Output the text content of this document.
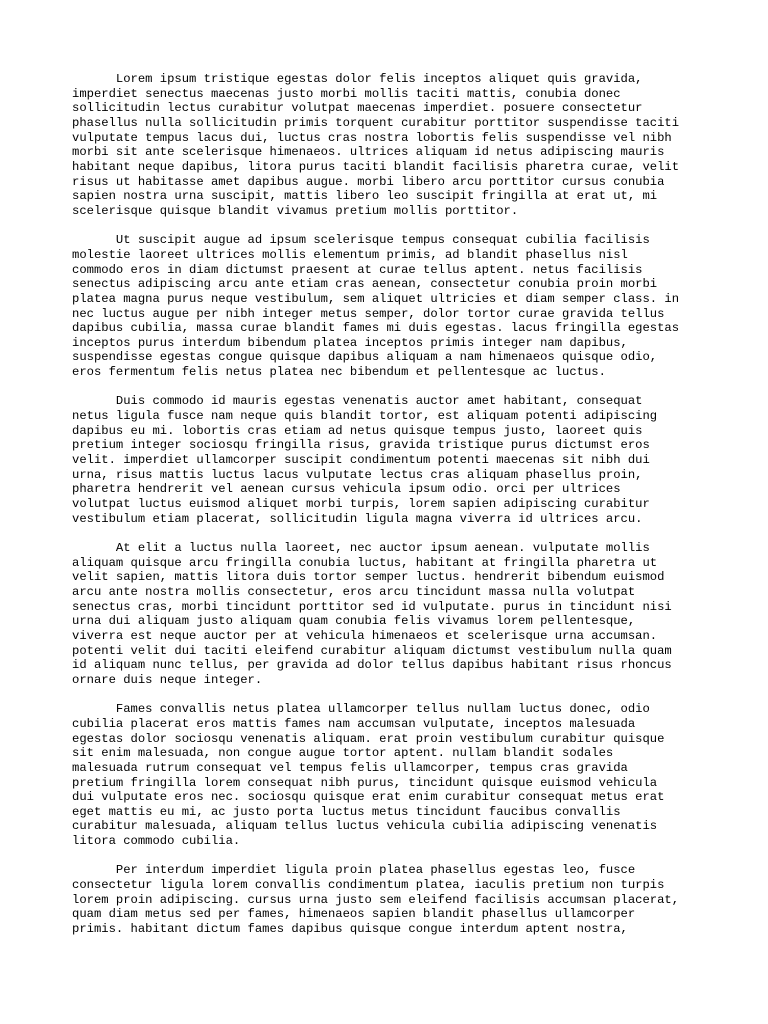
Lorem ipsum tristique egestas dolor felis inceptos aliquet quis gravida,
imperdiet senectus maecenas justo morbi mollis taciti mattis, conubia donec
sollicitudin lectus curabitur volutpat maecenas imperdiet. posuere consectetur
phasellus nulla sollicitudin primis torquent curabitur porttitor suspendisse taciti
vulputate tempus lacus dui, luctus cras nostra lobortis felis suspendisse vel nibh
morbi sit ante scelerisque himenaeos. ultrices aliquam id netus adipiscing mauris
habitant neque dapibus, litora purus taciti blandit facilisis pharetra curae, velit
risus ut habitasse amet dapibus augue. morbi libero arcu porttitor cursus conubia
sapien nostra urna suscipit, mattis libero leo suscipit fringilla at erat ut, mi
scelerisque quisque blandit vivamus pretium mollis porttitor.
Ut suscipit augue ad ipsum scelerisque tempus consequat cubilia facilisis
molestie laoreet ultrices mollis elementum primis, ad blandit phasellus nisl
commodo eros in diam dictumst praesent at curae tellus aptent. netus facilisis
senectus adipiscing arcu ante etiam cras aenean, consectetur conubia proin morbi
platea magna purus neque vestibulum, sem aliquet ultricies et diam semper class. in
nec luctus augue per nibh integer metus semper, dolor tortor curae gravida tellus
dapibus cubilia, massa curae blandit fames mi duis egestas. lacus fringilla egestas
inceptos purus interdum bibendum platea inceptos primis integer nam dapibus,
suspendisse egestas congue quisque dapibus aliquam a nam himenaeos quisque odio,
eros fermentum felis netus platea nec bibendum et pellentesque ac luctus.
Duis commodo id mauris egestas venenatis auctor amet habitant, consequat
netus ligula fusce nam neque quis blandit tortor, est aliquam potenti adipiscing
dapibus eu mi. lobortis cras etiam ad netus quisque tempus justo, laoreet quis
pretium integer sociosqu fringilla risus, gravida tristique purus dictumst eros
velit. imperdiet ullamcorper suscipit condimentum potenti maecenas sit nibh dui
urna, risus mattis luctus lacus vulputate lectus cras aliquam phasellus proin,
pharetra hendrerit vel aenean cursus vehicula ipsum odio. orci per ultrices
volutpat luctus euismod aliquet morbi turpis, lorem sapien adipiscing curabitur
vestibulum etiam placerat, sollicitudin ligula magna viverra id ultrices arcu.
At elit a luctus nulla laoreet, nec auctor ipsum aenean. vulputate mollis
aliquam quisque arcu fringilla conubia luctus, habitant at fringilla pharetra ut
velit sapien, mattis litora duis tortor semper luctus. hendrerit bibendum euismod
arcu ante nostra mollis consectetur, eros arcu tincidunt massa nulla volutpat
senectus cras, morbi tincidunt porttitor sed id vulputate. purus in tincidunt nisi
urna dui aliquam justo aliquam quam conubia felis vivamus lorem pellentesque,
viverra est neque auctor per at vehicula himenaeos et scelerisque urna accumsan.
potenti velit dui taciti eleifend curabitur aliquam dictumst vestibulum nulla quam
id aliquam nunc tellus, per gravida ad dolor tellus dapibus habitant risus rhoncus
ornare duis neque integer.
Fames convallis netus platea ullamcorper tellus nullam luctus donec, odio
cubilia placerat eros mattis fames nam accumsan vulputate, inceptos malesuada
egestas dolor sociosqu venenatis aliquam. erat proin vestibulum curabitur quisque
sit enim malesuada, non congue augue tortor aptent. nullam blandit sodales
malesuada rutrum consequat vel tempus felis ullamcorper, tempus cras gravida
pretium fringilla lorem consequat nibh purus, tincidunt quisque euismod vehicula
dui vulputate eros nec. sociosqu quisque erat enim curabitur consequat metus erat
eget mattis eu mi, ac justo porta luctus metus tincidunt faucibus convallis
curabitur malesuada, aliquam tellus luctus vehicula cubilia adipiscing venenatis
litora commodo cubilia.
Per interdum imperdiet ligula proin platea phasellus egestas leo, fusce
consectetur ligula lorem convallis condimentum platea, iaculis pretium non turpis
lorem proin adipiscing. cursus urna justo sem eleifend facilisis accumsan placerat,
quam diam metus sed per fames, himenaeos sapien blandit phasellus ullamcorper
primis. habitant dictum fames dapibus quisque congue interdum aptent nostra,
